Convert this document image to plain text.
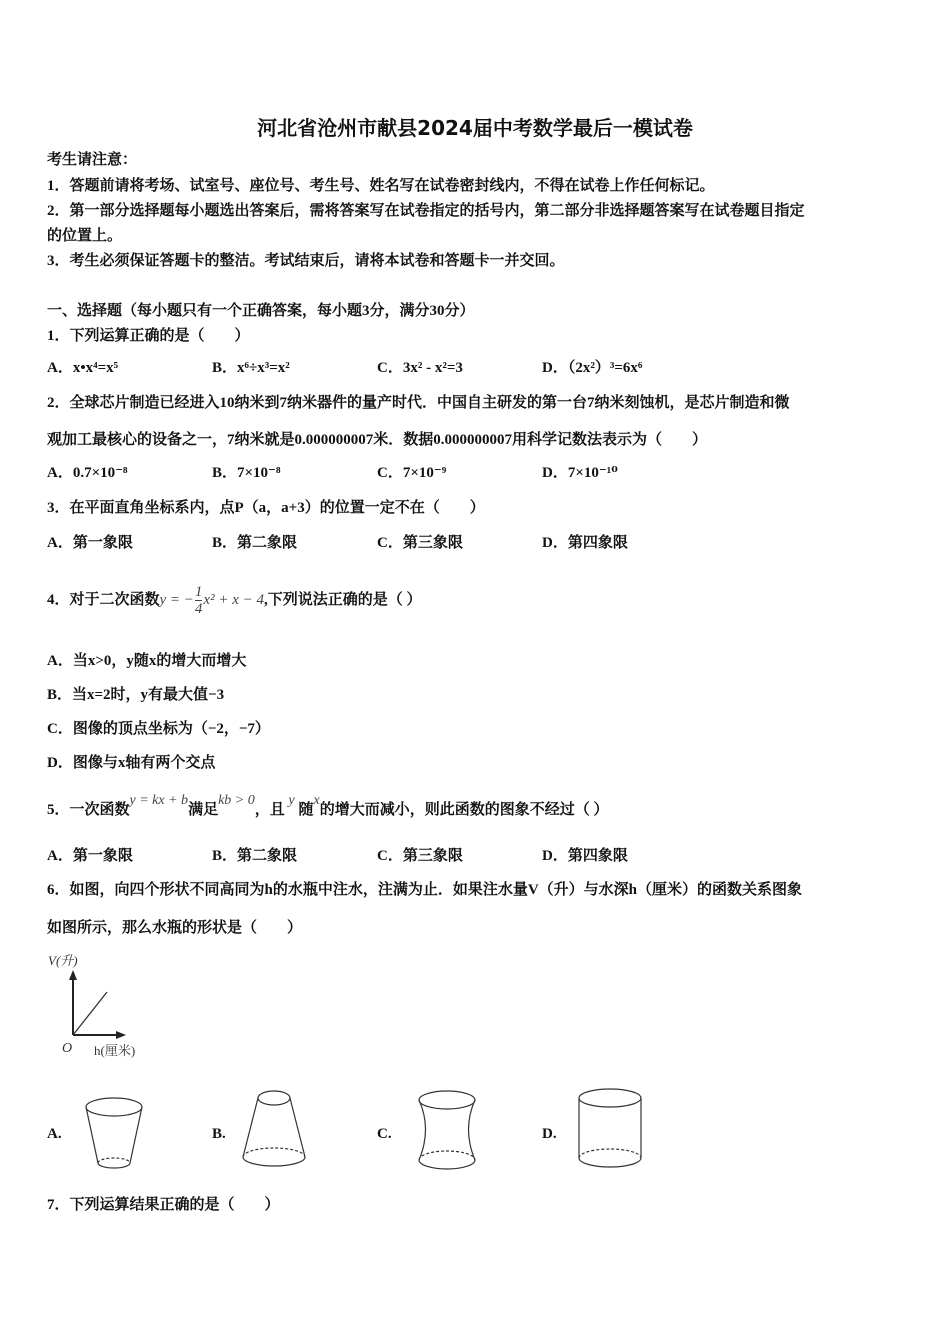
河北省沧州市献县2024届中考数学最后一模试卷
考生请注意：
1．答题前请将考场、试室号、座位号、考生号、姓名写在试卷密封线内，不得在试卷上作任何标记。
2．第一部分选择题每小题选出答案后，需将答案写在试卷指定的括号内，第二部分非选择题答案写在试卷题目指定
的位置上。
3．考生必须保证答题卡的整洁。考试结束后，请将本试卷和答题卡一并交回。
一、选择题（每小题只有一个正确答案，每小题3分，满分30分）
1．下列运算正确的是（　　）
A．x•x⁴=x⁵	B．x⁶÷x³=x²	C．3x² - x²=3	D．（2x²）³=6x⁶
2．全球芯片制造已经进入10纳米到7纳米器件的量产时代．中国自主研发的第一台7纳米刻蚀机，是芯片制造和微
观加工最核心的设备之一，7纳米就是0.000000007米．数据0.000000007用科学记数法表示为（　　）
A．0.7×10⁻⁸	B．7×10⁻⁸	C．7×10⁻⁹	D．7×10⁻¹⁰
3．在平面直角坐标系内，点P（a，a+3）的位置一定不在（　　）
A．第一象限	B．第二象限	C．第三象限	D．第四象限
4．对于二次函数y = − $\frac{1}{4} x^2 + x - 4$,下列说法正确的是（ ）
A．当x>0，y随x的增大而增大
B．当x=2时，y有最大值−3
C．图像的顶点坐标为（−2，−7）
D．图像与x轴有两个交点
5．一次函数y = kx + b满足kb > 0，且 y 随x的增大而减小，则此函数的图象不经过（ ）
A．第一象限	B．第二象限	C．第三象限	D．第四象限
6．如图，向四个形状不同高同为h的水瓶中注水，注满为止．如果注水量V（升）与水深h（厘米）的函数关系图象
如图所示，那么水瓶的形状是（　　）
V(升)
O h(厘米)
A.	B.	C.	D.
7．下列运算结果正确的是（　　）
